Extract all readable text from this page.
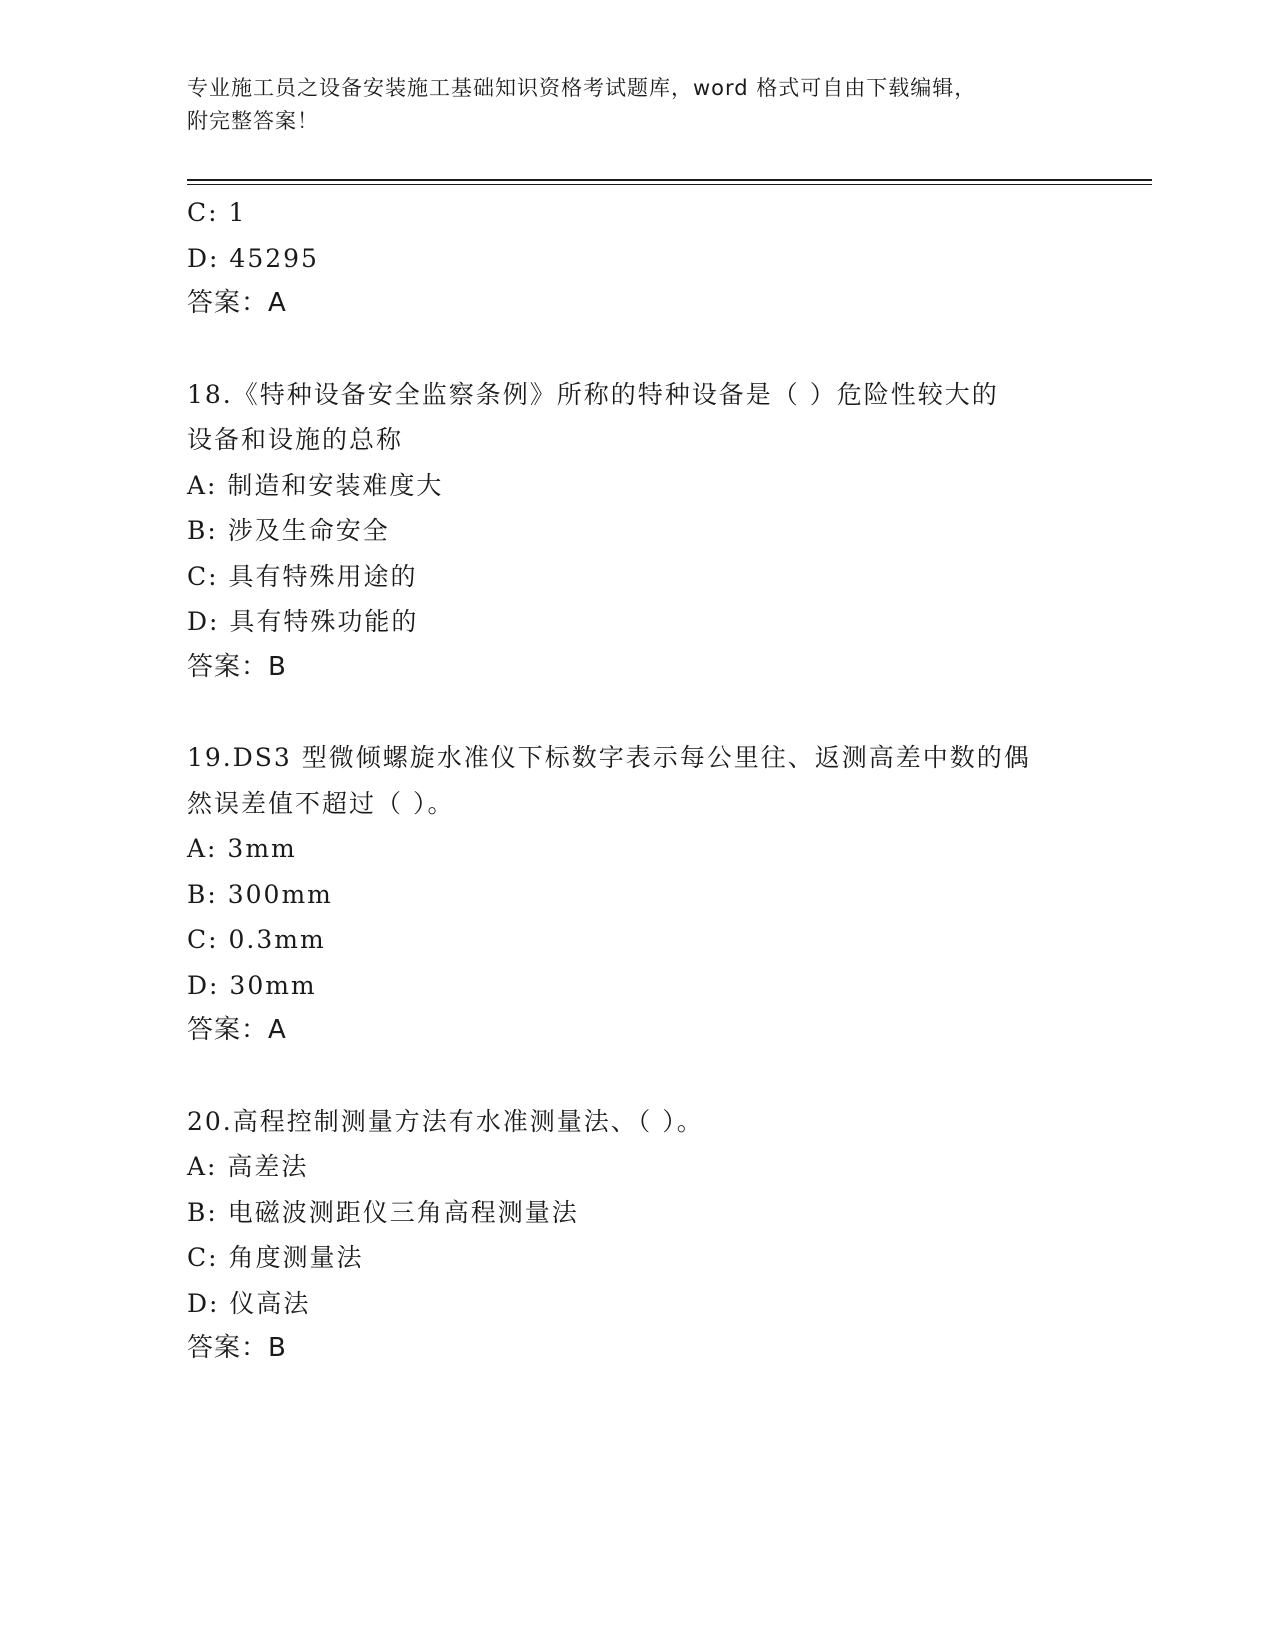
专业施工员之设备安装施工基础知识资格考试题库，word 格式可自由下载编辑，
附完整答案！
C: 1
D: 45295
答案：A
18.《特种设备安全监察条例》所称的特种设备是（ ）危险性较大的
设备和设施的总称
A: 制造和安装难度大
B: 涉及生命安全
C: 具有特殊用途的
D: 具有特殊功能的
答案：B
19.DS3 型微倾螺旋水准仪下标数字表示每公里往、返测高差中数的偶
然误差值不超过（ ）。
A: 3mm
B: 300mm
C: 0.3mm
D: 30mm
答案：A
20.高程控制测量方法有水准测量法、（ ）。
A: 高差法
B: 电磁波测距仪三角高程测量法
C: 角度测量法
D: 仪高法
答案：B
